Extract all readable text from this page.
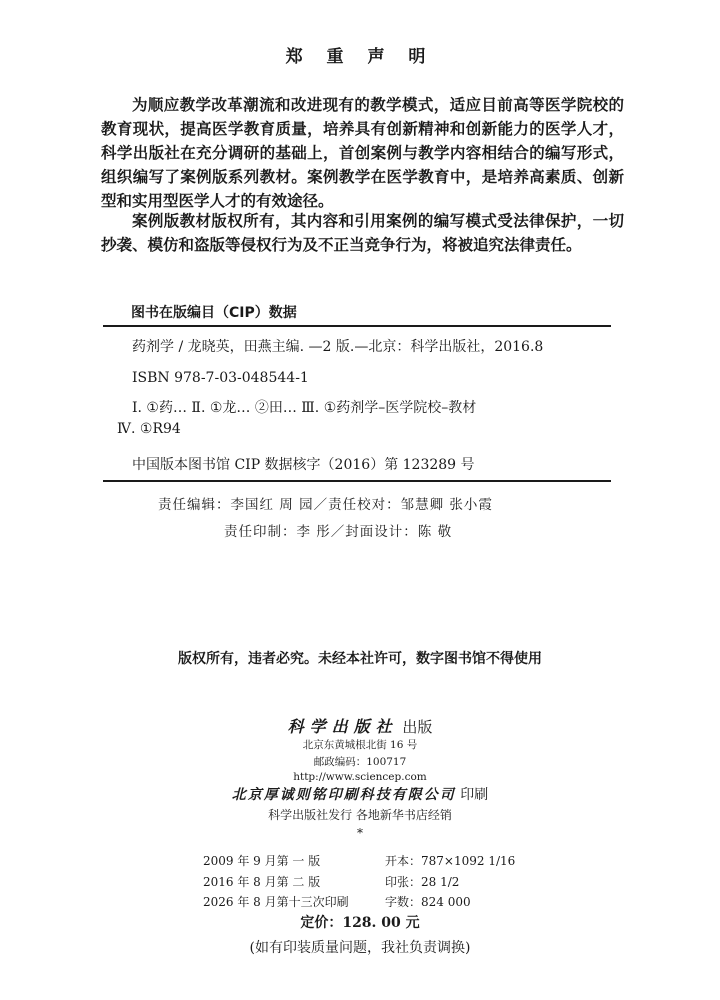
郑 重 声 明
为顺应教学改革潮流和改进现有的教学模式，适应目前高等医学院校的教育现状，提高医学教育质量，培养具有创新精神和创新能力的医学人才，科学出版社在充分调研的基础上，首创案例与教学内容相结合的编写形式，组织编写了案例版系列教材。案例教学在医学教育中，是培养高素质、创新型和实用型医学人才的有效途径。
案例版教材版权所有，其内容和引用案例的编写模式受法律保护，一切抄袭、模仿和盗版等侵权行为及不正当竞争行为，将被追究法律责任。
图书在版编目（CIP）数据
药剂学 / 龙晓英，田燕主编. —2 版.—北京：科学出版社，2016.8
ISBN 978-7-03-048544-1
Ⅰ. ①药… Ⅱ. ①龙… ②田… Ⅲ. ①药剂学–医学院校–教材
Ⅳ. ①R94
中国版本图书馆 CIP 数据核字（2016）第 123289 号
责任编辑：李国红 周 园／责任校对：邹慧卿 张小霞
责任印制：李 彤／封面设计：陈 敬
版权所有，违者必究。未经本社许可，数字图书馆不得使用
科学出版社 出版
北京东黄城根北街 16 号
邮政编码：100717
http://www.sciencep.com
北京厚诚则铭印刷科技有限公司 印刷
科学出版社发行 各地新华书店经销
*
2009 年 9 月第 一 版	开本：787×1092 1/16
2016 年 8 月第 二 版	印张：28 1/2
2026 年 8 月第十三次印刷	字数：824 000
定价：128. 00 元
(如有印装质量问题，我社负责调换)
